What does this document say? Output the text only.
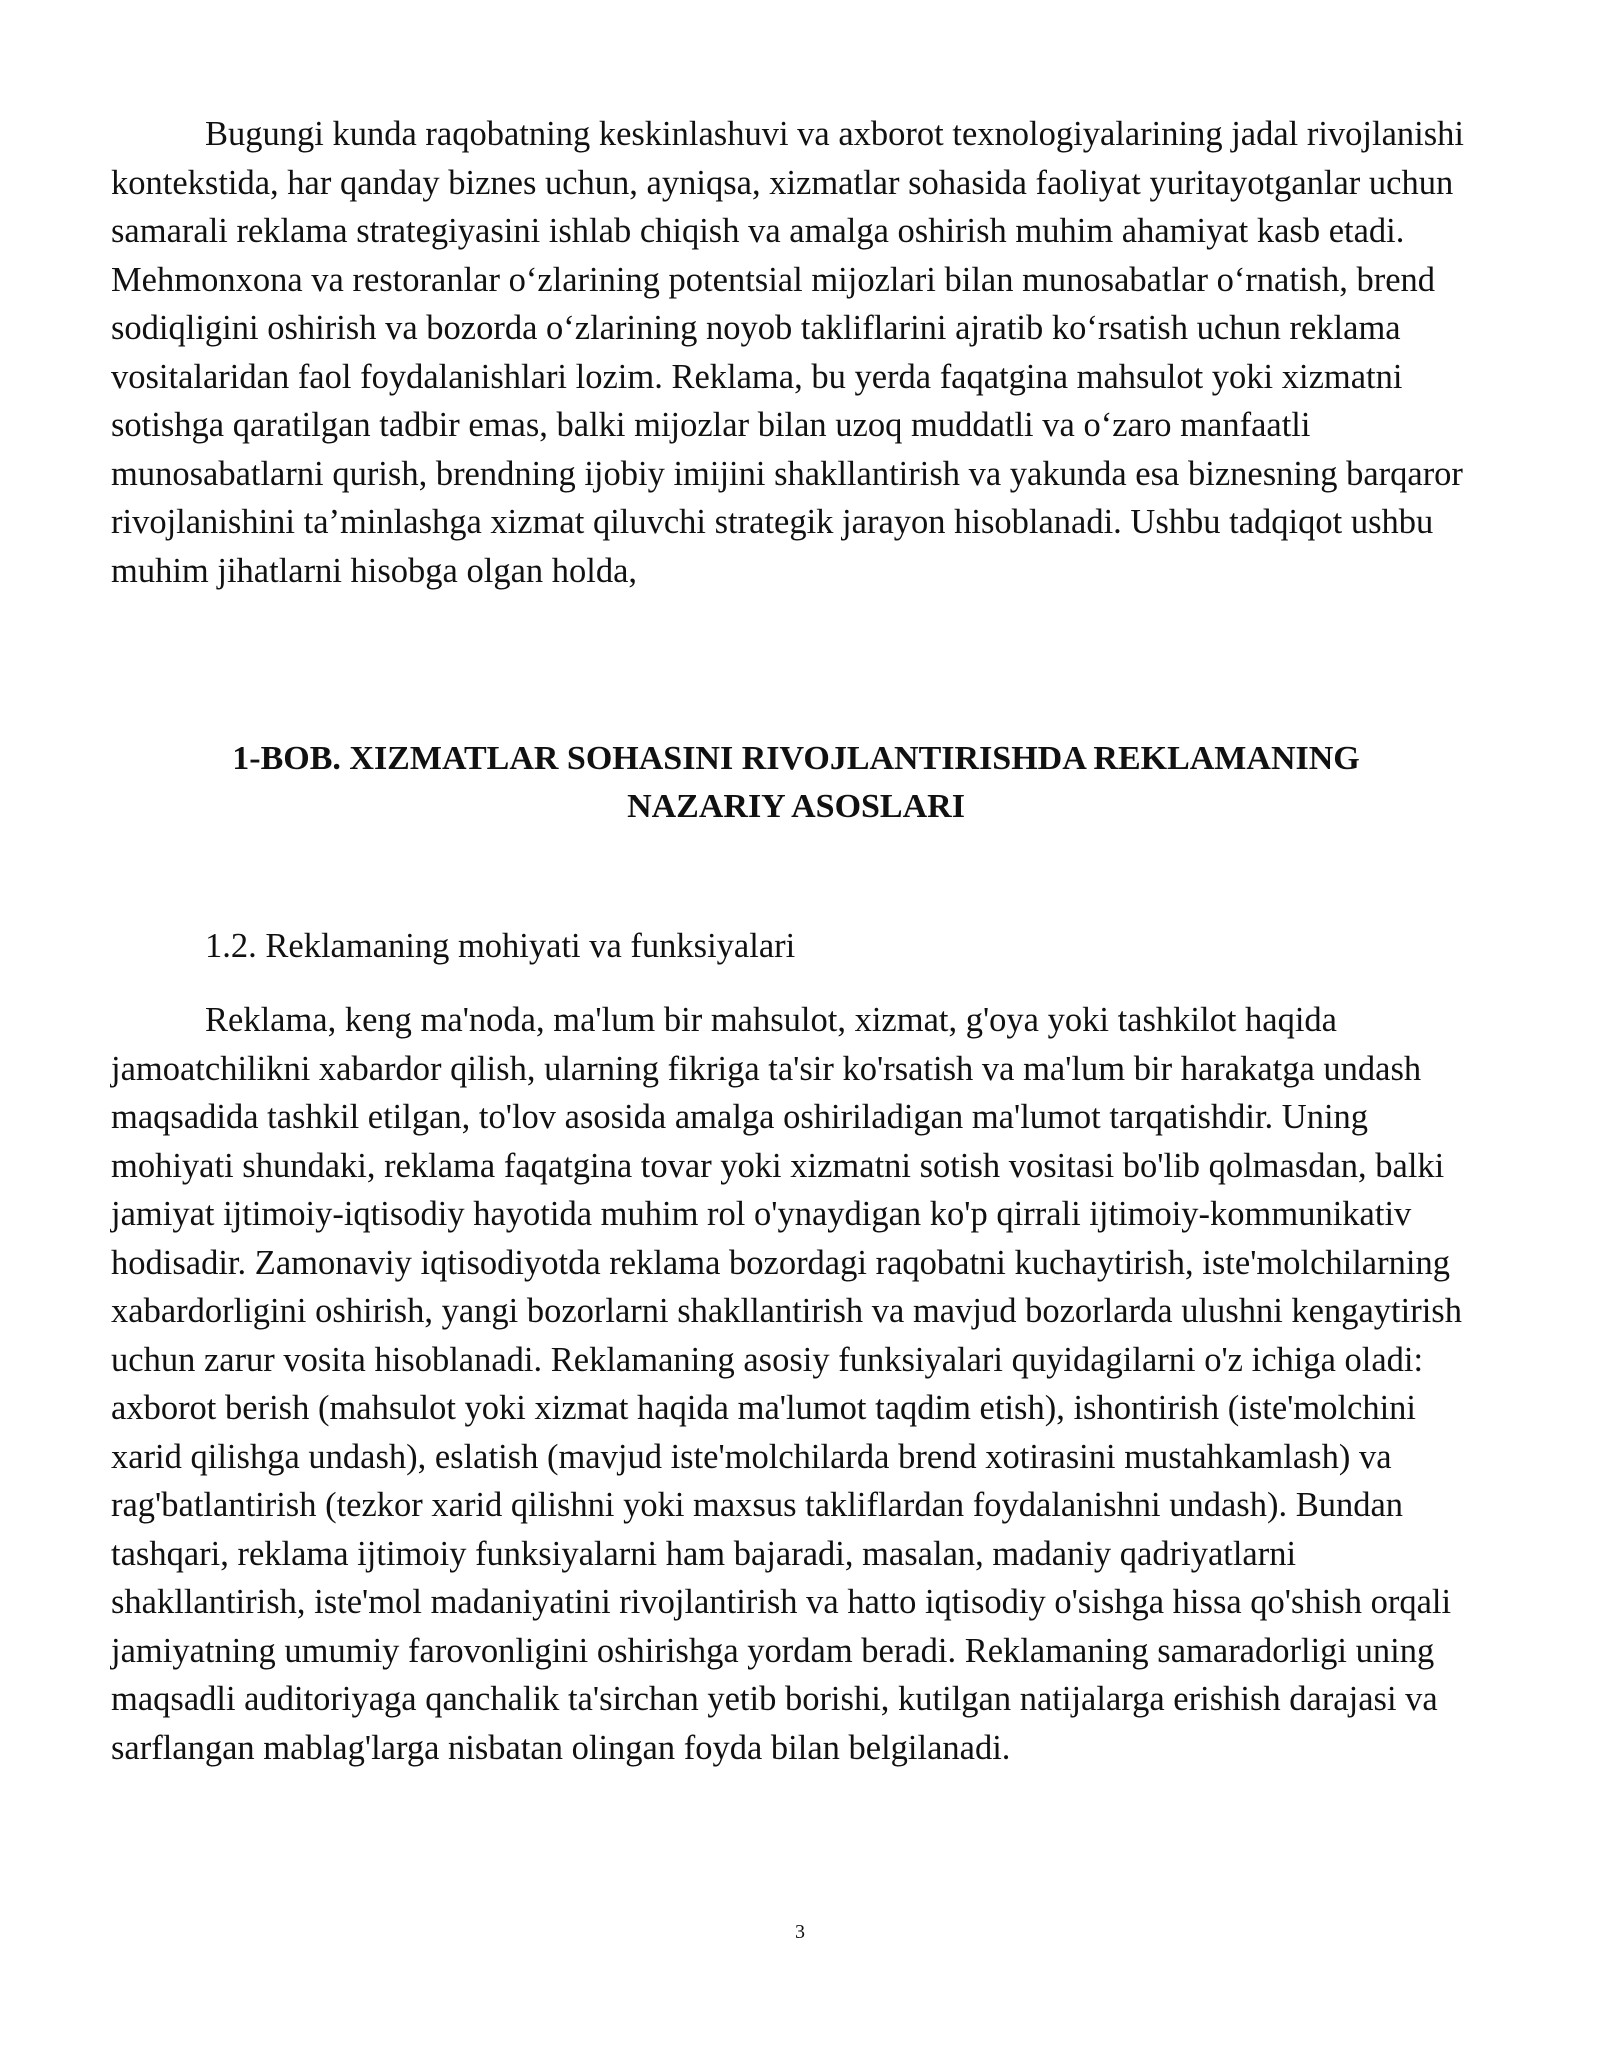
Bugungi kunda raqobatning keskinlashuvi va axborot texnologiyalarining jadal rivojlanishi kontekstida, har qanday biznes uchun, ayniqsa, xizmatlar sohasida faoliyat yuritayotganlar uchun samarali reklama strategiyasini ishlab chiqish va amalga oshirish muhim ahamiyat kasb etadi. Mehmonxona va restoranlar o‘zlarining potentsial mijozlari bilan munosabatlar o‘rnatish, brend sodiqligini oshirish va bozorda o‘zlarining noyob takliflarini ajratib ko‘rsatish uchun reklama vositalaridan faol foydalanishlari lozim. Reklama, bu yerda faqatgina mahsulot yoki xizmatni sotishga qaratilgan tadbir emas, balki mijozlar bilan uzoq muddatli va o‘zaro manfaatli munosabatlarni qurish, brendning ijobiy imijini shakllantirish va yakunda esa biznesning barqaror rivojlanishini ta’minlashga xizmat qiluvchi strategik jarayon hisoblanadi. Ushbu tadqiqot ushbu muhim jihatlarni hisobga olgan holda,

1-BOB. XIZMATLAR SOHASINI RIVOJLANTIRISHDA REKLAMANING
NAZARIY ASOSLARI
1.2. Reklamaning mohiyati va funksiyalari

Reklama, keng ma'noda, ma'lum bir mahsulot, xizmat, g'oya yoki tashkilot haqida jamoatchilikni xabardor qilish, ularning fikriga ta'sir ko'rsatish va ma'lum bir harakatga undash maqsadida tashkil etilgan, to'lov asosida amalga oshiriladigan ma'lumot tarqatishdir. Uning mohiyati shundaki, reklama faqatgina tovar yoki xizmatni sotish vositasi bo'lib qolmasdan, balki jamiyat ijtimoiy-iqtisodiy hayotida muhim rol o'ynaydigan ko'p qirrali ijtimoiy-kommunikativ hodisadir. Zamonaviy iqtisodiyotda reklama bozordagi raqobatni kuchaytirish, iste'molchilarning xabardorligini oshirish, yangi bozorlarni shakllantirish va mavjud bozorlarda ulushni kengaytirish uchun zarur vosita hisoblanadi. Reklamaning asosiy funksiyalari quyidagilarni o'z ichiga oladi: axborot berish (mahsulot yoki xizmat haqida ma'lumot taqdim etish), ishontirish (iste'molchini xarid qilishga undash), eslatish (mavjud iste'molchilarda brend xotirasini mustahkamlash) va rag'batlantirish (tezkor xarid qilishni yoki maxsus takliflardan foydalanishni undash). Bundan tashqari, reklama ijtimoiy funksiyalarni ham bajaradi, masalan, madaniy qadriyatlarni shakllantirish, iste'mol madaniyatini rivojlantirish va hatto iqtisodiy o'sishga hissa qo'shish orqali jamiyatning umumiy farovonligini oshirishga yordam beradi. Reklamaning samaradorligi uning maqsadli auditoriyaga qanchalik ta'sirchan yetib borishi, kutilgan natijalarga erishish darajasi va sarflangan mablag'larga nisbatan olingan foyda bilan belgilanadi.

3
